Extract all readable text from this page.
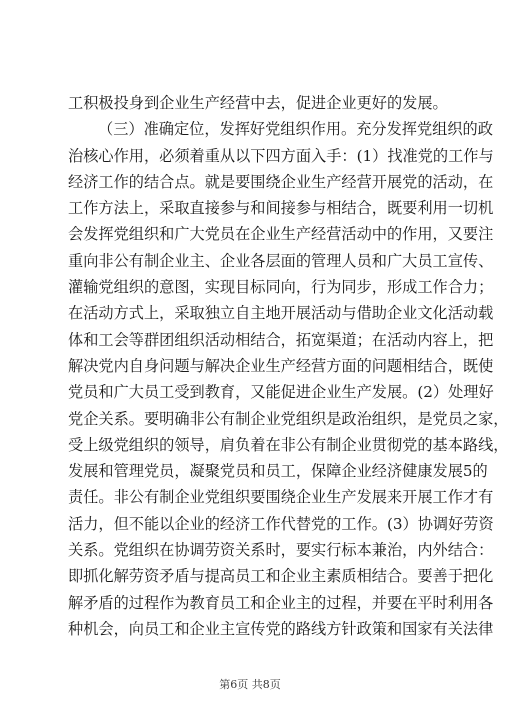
工积极投身到企业生产经营中去，促进企业更好的发展。
（三）准确定位，发挥好党组织作用。充分发挥党组织的政
治核心作用，必须着重从以下四方面入手：(1）找准党的工作与
经济工作的结合点。就是要围绕企业生产经营开展党的活动，在
工作方法上，采取直接参与和间接参与相结合，既要利用一切机
会发挥党组织和广大党员在企业生产经营活动中的作用，又要注
重向非公有制企业主、企业各层面的管理人员和广大员工宣传、
灌输党组织的意图，实现目标同向，行为同步，形成工作合力；
在活动方式上，采取独立自主地开展活动与借助企业文化活动载
体和工会等群团组织活动相结合，拓宽渠道；在活动内容上，把
解决党内自身问题与解决企业生产经营方面的问题相结合，既使
党员和广大员工受到教育，又能促进企业生产发展。(2）处理好
党企关系。要明确非公有制企业党组织是政治组织，是党员之家，
受上级党组织的领导，肩负着在非公有制企业贯彻党的基本路线，
发展和管理党员，凝聚党员和员工，保障企业经济健康发展5的
责任。非公有制企业党组织要围绕企业生产发展来开展工作才有
活力，但不能以企业的经济工作代替党的工作。(3）协调好劳资
关系。党组织在协调劳资关系时，要实行标本兼治，内外结合：
即抓化解劳资矛盾与提高员工和企业主素质相结合。要善于把化
解矛盾的过程作为教育员工和企业主的过程，并要在平时利用各
种机会，向员工和企业主宣传党的路线方针政策和国家有关法律
第6页 共8页
